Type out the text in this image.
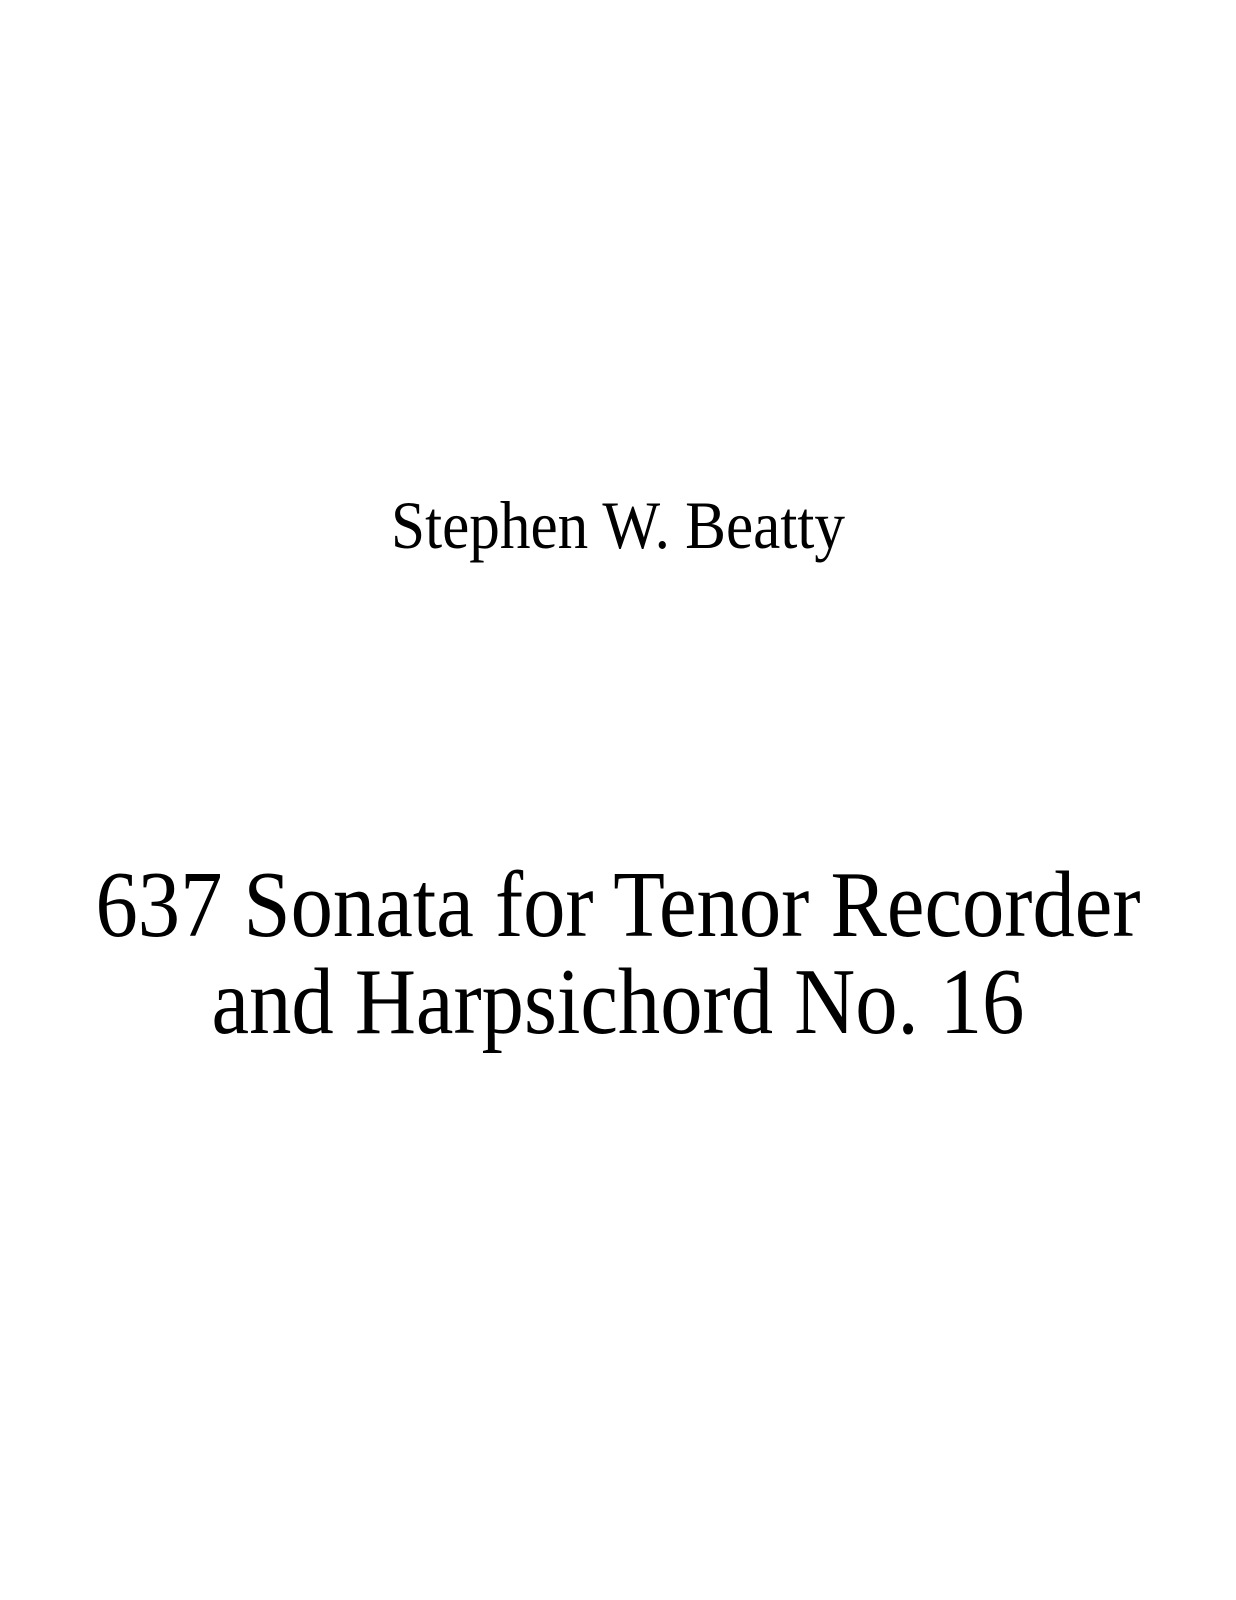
Stephen W. Beatty
637 Sonata for Tenor Recorder
and Harpsichord No. 16
